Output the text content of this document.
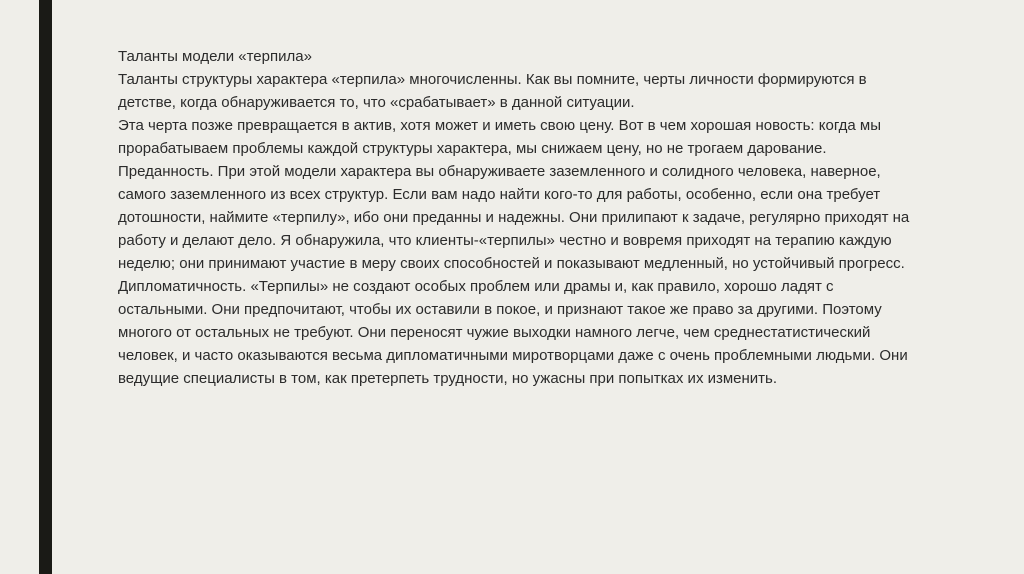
Таланты модели «терпила»

Таланты структуры характера «терпила» многочисленны. Как вы помните, черты личности формируются в детстве, когда обнаруживается то, что «срабатывает» в данной ситуации.

Эта черта позже превращается в актив, хотя может и иметь свою цену. Вот в чем хорошая новость: когда мы прорабатываем проблемы каждой структуры характера, мы снижаем цену, но не трогаем дарование.

Преданность. При этой модели характера вы обнаруживаете заземленного и солидного человека, наверное, самого заземленного из всех структур. Если вам надо найти кого-то для работы, особенно, если она требует дотошности, наймите «терпилу», ибо они преданны и надежны. Они прилипают к задаче, регулярно приходят на работу и делают дело. Я обнаружила, что клиенты-«терпилы» честно и вовремя приходят на терапию каждую неделю; они принимают участие в меру своих способностей и показывают медленный, но устойчивый прогресс.

Дипломатичность. «Терпилы» не создают особых проблем или драмы и, как правило, хорошо ладят с остальными. Они предпочитают, чтобы их оставили в покое, и признают такое же право за другими. Поэтому многого от остальных не требуют. Они переносят чужие выходки намного легче, чем среднестатистический человек, и часто оказываются весьма дипломатичными миротворцами даже с очень проблемными людьми. Они ведущие специалисты в том, как претерпеть трудности, но ужасны при попытках их изменить.
